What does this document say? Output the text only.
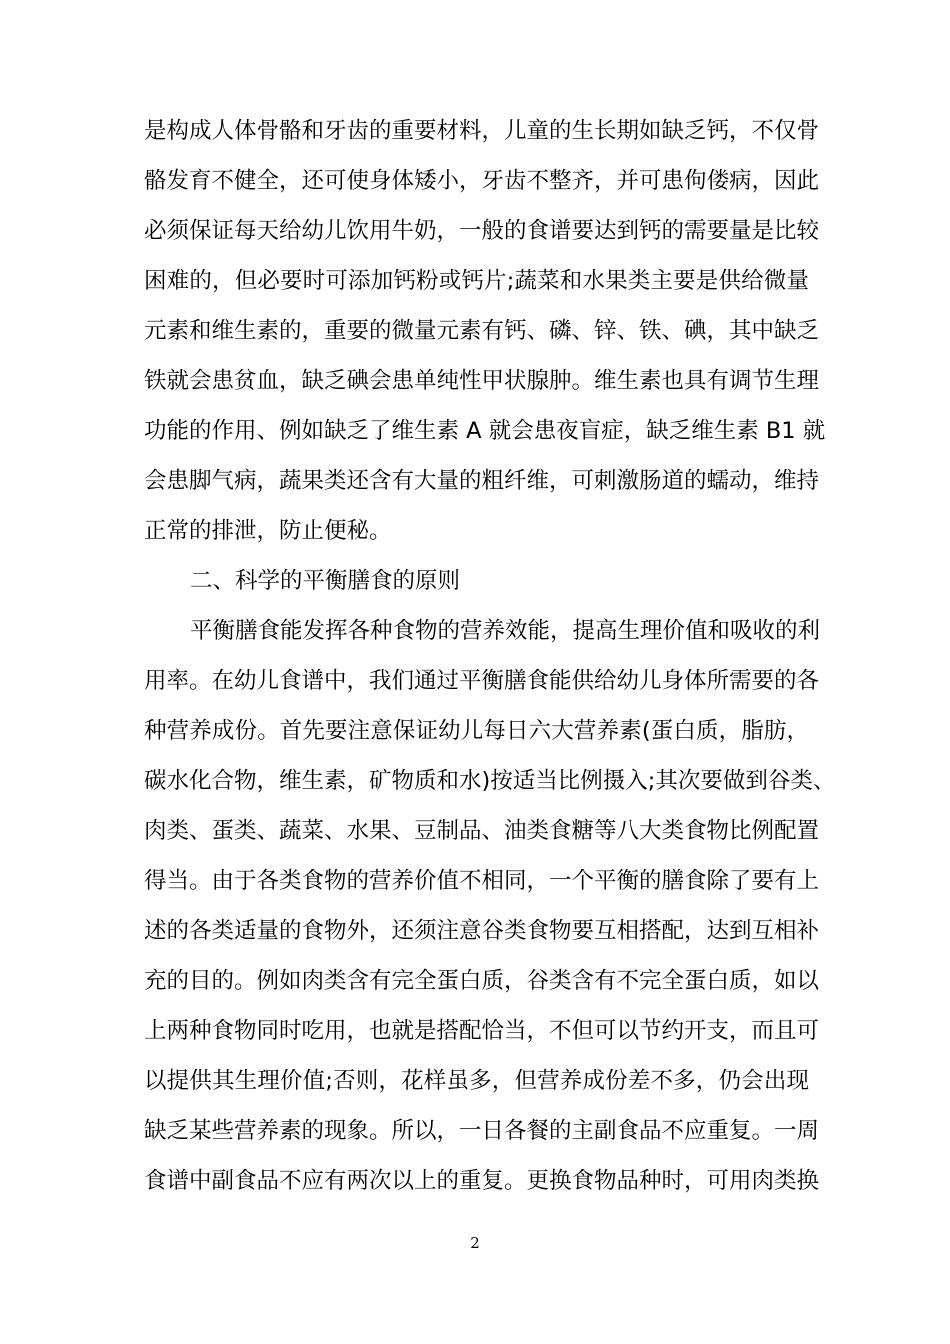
是构成人体骨骼和牙齿的重要材料，儿童的生长期如缺乏钙，不仅骨
骼发育不健全，还可使身体矮小，牙齿不整齐，并可患佝偻病，因此
必须保证每天给幼儿饮用牛奶，一般的食谱要达到钙的需要量是比较
困难的，但必要时可添加钙粉或钙片;蔬菜和水果类主要是供给微量
元素和维生素的，重要的微量元素有钙、磷、锌、铁、碘，其中缺乏
铁就会患贫血，缺乏碘会患单纯性甲状腺肿。维生素也具有调节生理
功能的作用、例如缺乏了维生素 A 就会患夜盲症，缺乏维生素 B1 就
会患脚气病，蔬果类还含有大量的粗纤维，可刺激肠道的蠕动，维持
正常的排泄，防止便秘。
二、科学的平衡膳食的原则
平衡膳食能发挥各种食物的营养效能，提高生理价值和吸收的利
用率。在幼儿食谱中，我们通过平衡膳食能供给幼儿身体所需要的各
种营养成份。首先要注意保证幼儿每日六大营养素(蛋白质，脂肪，
碳水化合物，维生素，矿物质和水)按适当比例摄入;其次要做到谷类、
肉类、蛋类、蔬菜、水果、豆制品、油类食糖等八大类食物比例配置
得当。由于各类食物的营养价值不相同，一个平衡的膳食除了要有上
述的各类适量的食物外，还须注意谷类食物要互相搭配，达到互相补
充的目的。例如肉类含有完全蛋白质，谷类含有不完全蛋白质，如以
上两种食物同时吃用，也就是搭配恰当，不但可以节约开支，而且可
以提供其生理价值;否则，花样虽多，但营养成份差不多，仍会出现
缺乏某些营养素的现象。所以，一日各餐的主副食品不应重复。一周
食谱中副食品不应有两次以上的重复。更换食物品种时，可用肉类换
2
